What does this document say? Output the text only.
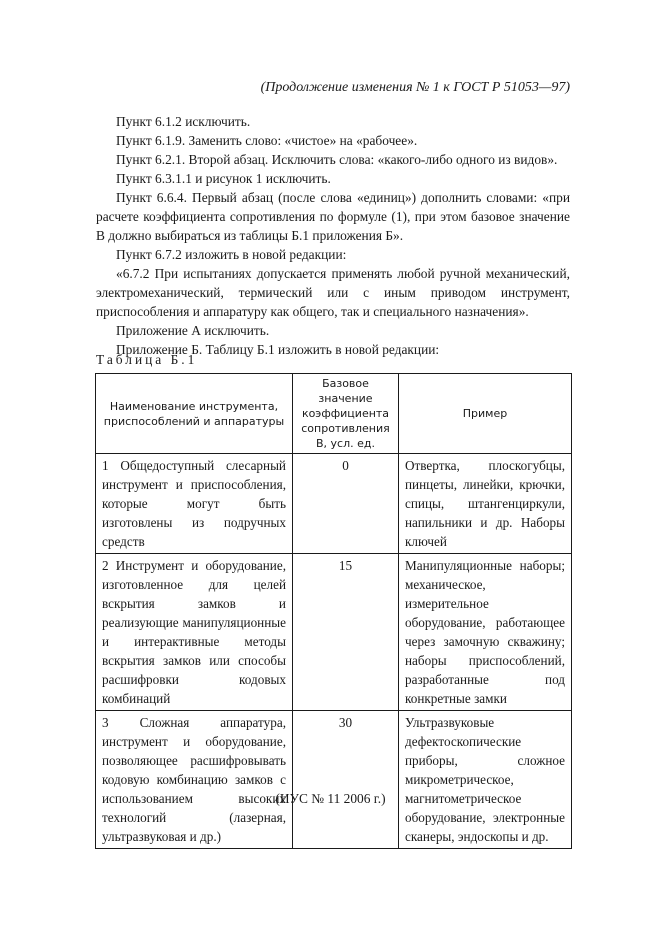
(Продолжение изменения № 1 к ГОСТ Р 51053—97)

Пункт 6.1.2 исключить.

Пункт 6.1.9. Заменить слово: «чистое» на «рабочее».

Пункт 6.2.1. Второй абзац. Исключить слова: «какого-либо одного из видов».

Пункт 6.3.1.1 и рисунок 1 исключить.

Пункт 6.6.4. Первый абзац (после слова «единиц») дополнить словами: «при расчете коэффициента сопротивления по формуле (1), при этом базовое значение В должно выбираться из таблицы Б.1 приложения Б».

Пункт 6.7.2 изложить в новой редакции:

«6.7.2 При испытаниях допускается применять любой ручной механический, электромеханический, термический или с иным приводом инструмент, приспособления и аппаратуру как общего, так и специального назначения».

Приложение А исключить.

Приложение Б. Таблицу Б.1 изложить в новой редакции:

Таблица Б.1
Наименование инструмента, приспособлений и аппаратуры	Базовое значение коэффициента сопротивления В, усл. ед.	Пример
1 Общедоступный слесарный инструмент и приспособления, которые могут быть изготовлены из подручных средств	0	Отвертка, плоскогубцы, пинцеты, линейки, крючки, спицы, штангенциркули, напильники и др. Наборы ключей
2 Инструмент и оборудование, изготовленное для целей вскрытия замков и реализующие манипуляционные и интерактивные методы вскрытия замков или способы расшифровки кодовых комбинаций	15	Манипуляционные наборы; механическое, измерительное оборудование, работающее через замочную скважину; наборы приспособлений, разработанные под конкретные замки
3 Сложная аппаратура, инструмент и оборудование, позволяющее расшифровывать кодовую комбинацию замков с использованием высоких технологий (лазерная, ультразвуковая и др.)	30	Ультразвуковые дефектоскопические приборы, сложное микрометрическое, магнитометрическое оборудование, электронные сканеры, эндоскопы и др.
(ИУС № 11 2006 г.)
